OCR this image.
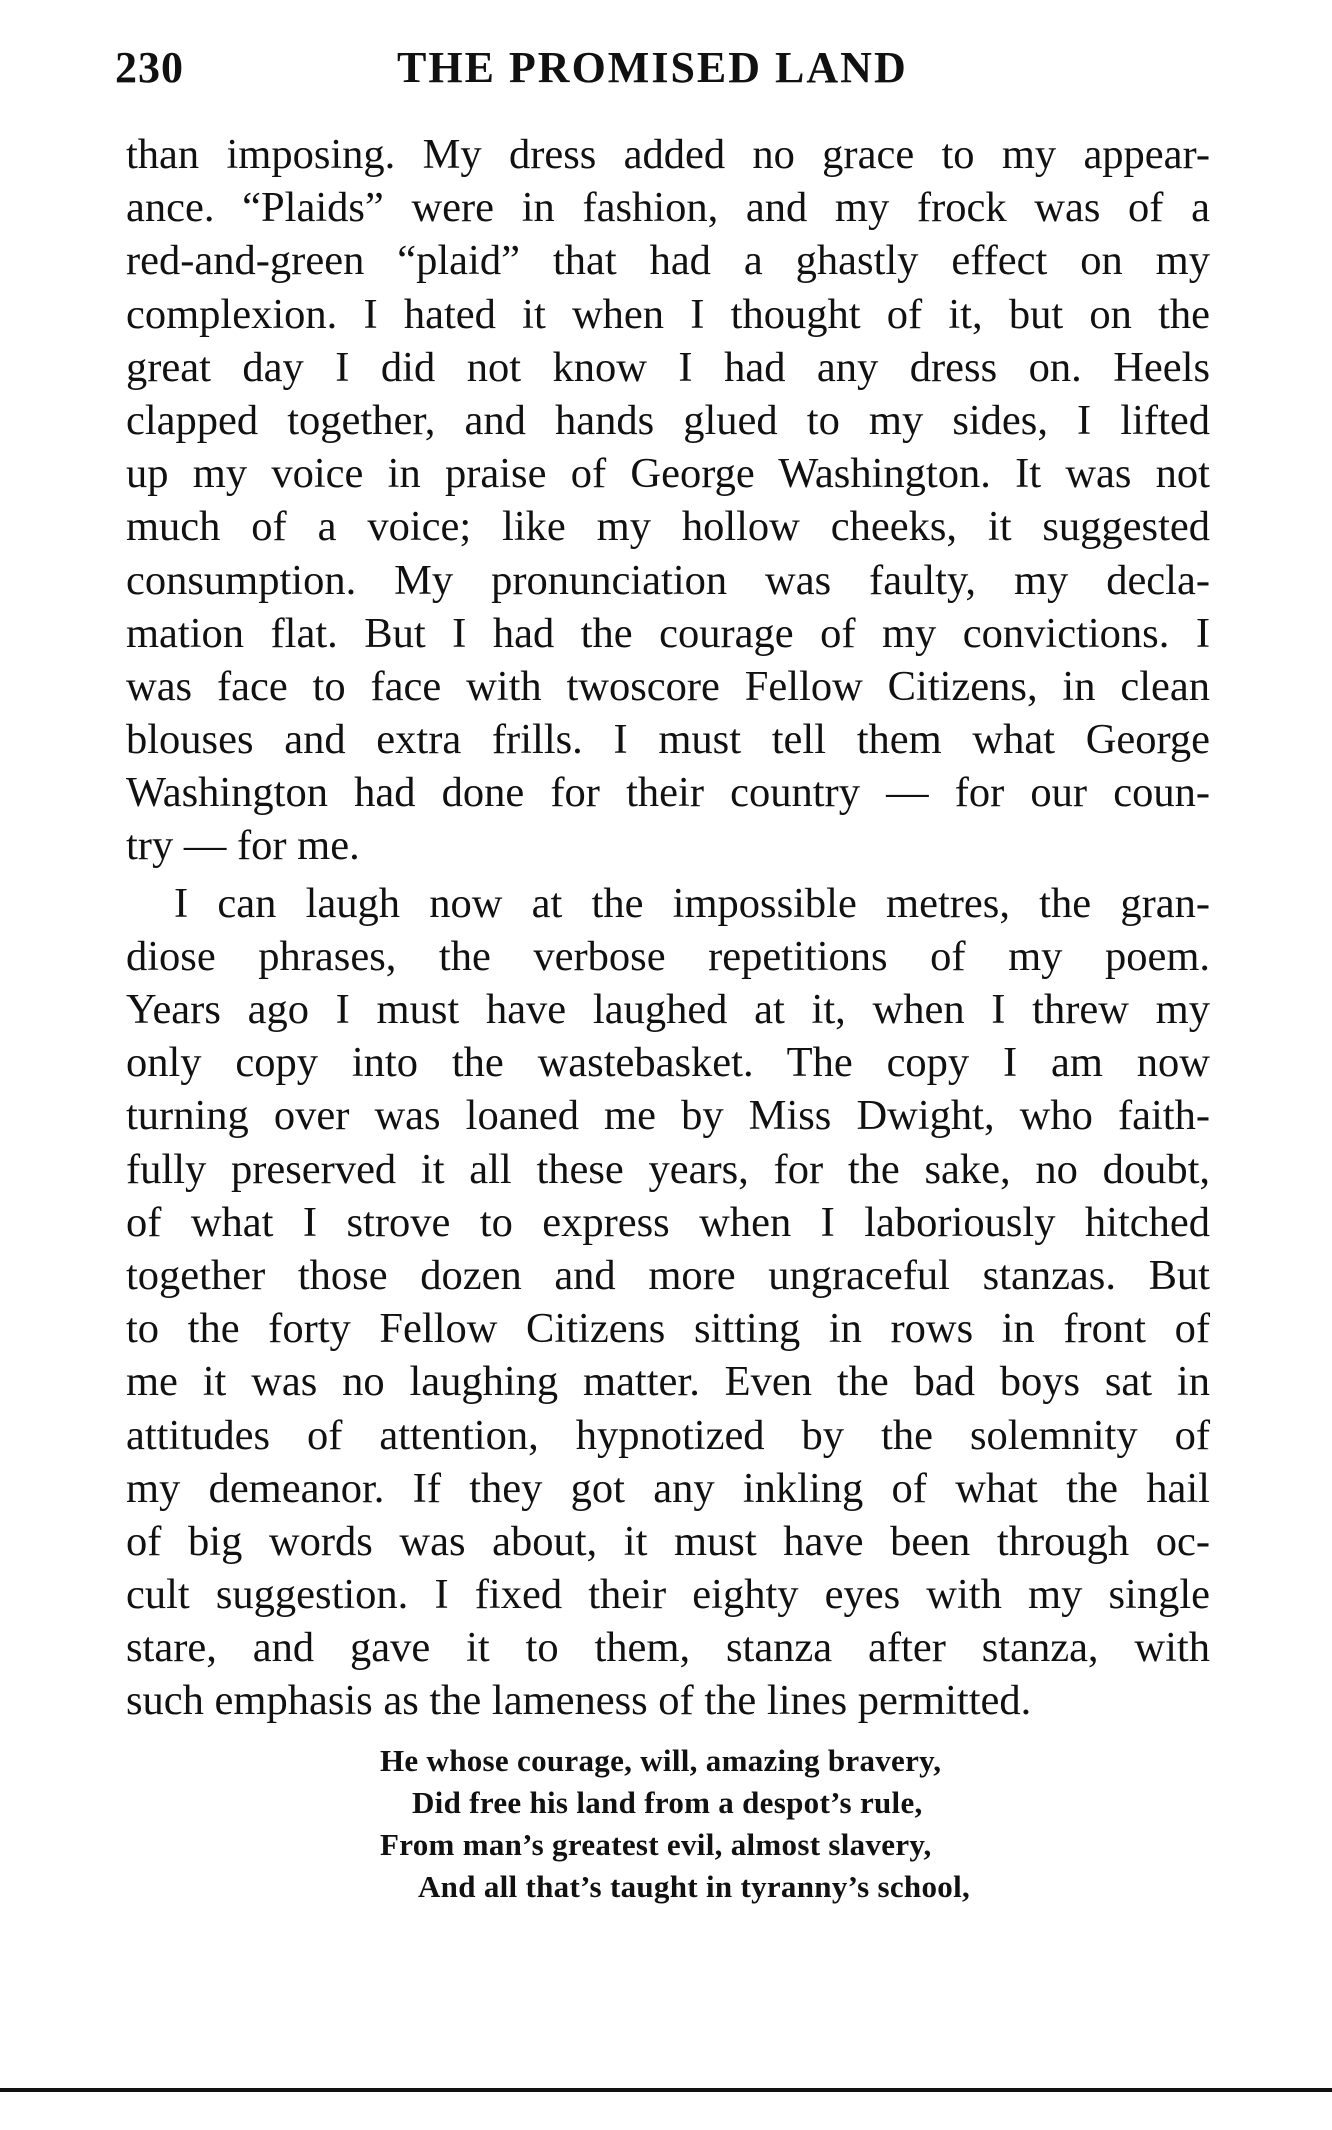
230	THE PROMISED LAND
than imposing. My dress added no grace to my appear-
ance. “Plaids” were in fashion, and my frock was of a
red-and-green “plaid” that had a ghastly effect on my
complexion. I hated it when I thought of it, but on the
great day I did not know I had any dress on. Heels
clapped together, and hands glued to my sides, I lifted
up my voice in praise of George Washington. It was not
much of a voice; like my hollow cheeks, it suggested
consumption. My pronunciation was faulty, my decla-
mation flat. But I had the courage of my convictions. I
was face to face with twoscore Fellow Citizens, in clean
blouses and extra frills. I must tell them what George
Washington had done for their country — for our coun-
try — for me.
I can laugh now at the impossible metres, the gran-
diose phrases, the verbose repetitions of my poem.
Years ago I must have laughed at it, when I threw my
only copy into the wastebasket. The copy I am now
turning over was loaned me by Miss Dwight, who faith-
fully preserved it all these years, for the sake, no doubt,
of what I strove to express when I laboriously hitched
together those dozen and more ungraceful stanzas. But
to the forty Fellow Citizens sitting in rows in front of
me it was no laughing matter. Even the bad boys sat in
attitudes of attention, hypnotized by the solemnity of
my demeanor. If they got any inkling of what the hail
of big words was about, it must have been through oc-
cult suggestion. I fixed their eighty eyes with my single
stare, and gave it to them, stanza after stanza, with
such emphasis as the lameness of the lines permitted.
He whose courage, will, amazing bravery,
Did free his land from a despot’s rule,
From man’s greatest evil, almost slavery,
And all that’s taught in tyranny’s school,
